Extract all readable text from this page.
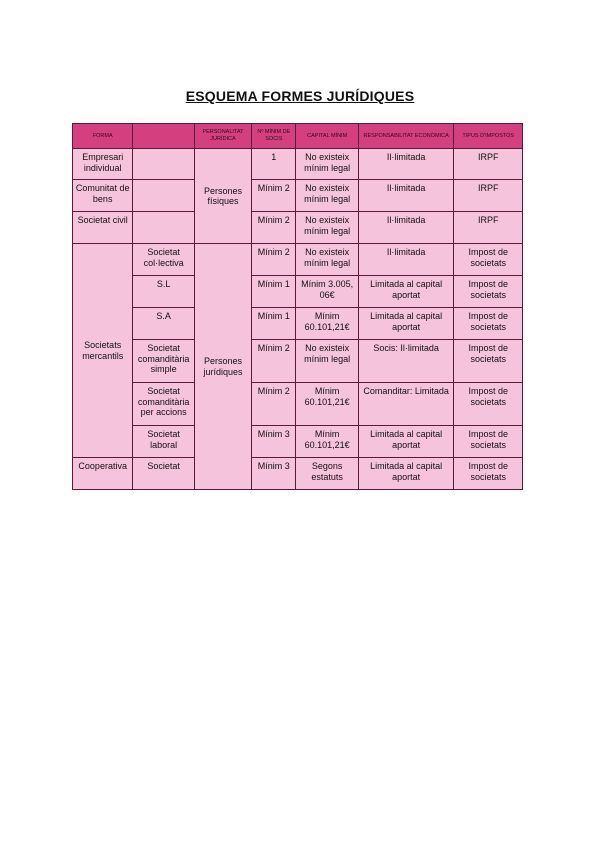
ESQUEMA FORMES JURÍDIQUES
FORMA		PERSONALITAT JURÍDICA	Nº MÍNIM DE SOCIS	CAPITAL MÍNIM	RESPONSABILITAT ECONÒMICA	TIPUS D'IMPOSTOS
Empresari individual		Persones físiques	1	No existeix mínim legal	Il·limitada	IRPF
Comunitat de bens			Mínim 2	No existeix mínim legal	Il·limitada	IRPF
Societat civil			Mínim 2	No existeix mínim legal	Il·limitada	IRPF
Societats mercantils	Societat col·lectiva	Persones jurídiques	Mínim 2	No existeix mínim legal	Il·limitada	Impost de societats
	S.L		Mínim 1	Mínim 3.005, 06€	Limitada al capital aportat	Impost de societats
	S.A		Mínim 1	Mínim 60.101,21€	Limitada al capital aportat	Impost de societats
	Societat comanditària simple		Mínim 2	No existeix mínim legal	Socis: Il·limitada	Impost de societats
	Societat comanditària per accions		Mínim 2	Mínim 60.101,21€	Comanditar: Limitada	Impost de societats
	Societat laboral		Mínim 3	Mínim 60.101,21€	Limitada al capital aportat	Impost de societats
Cooperativa	Societat		Mínim 3	Segons estatuts	Limitada al capital aportat	Impost de societats
